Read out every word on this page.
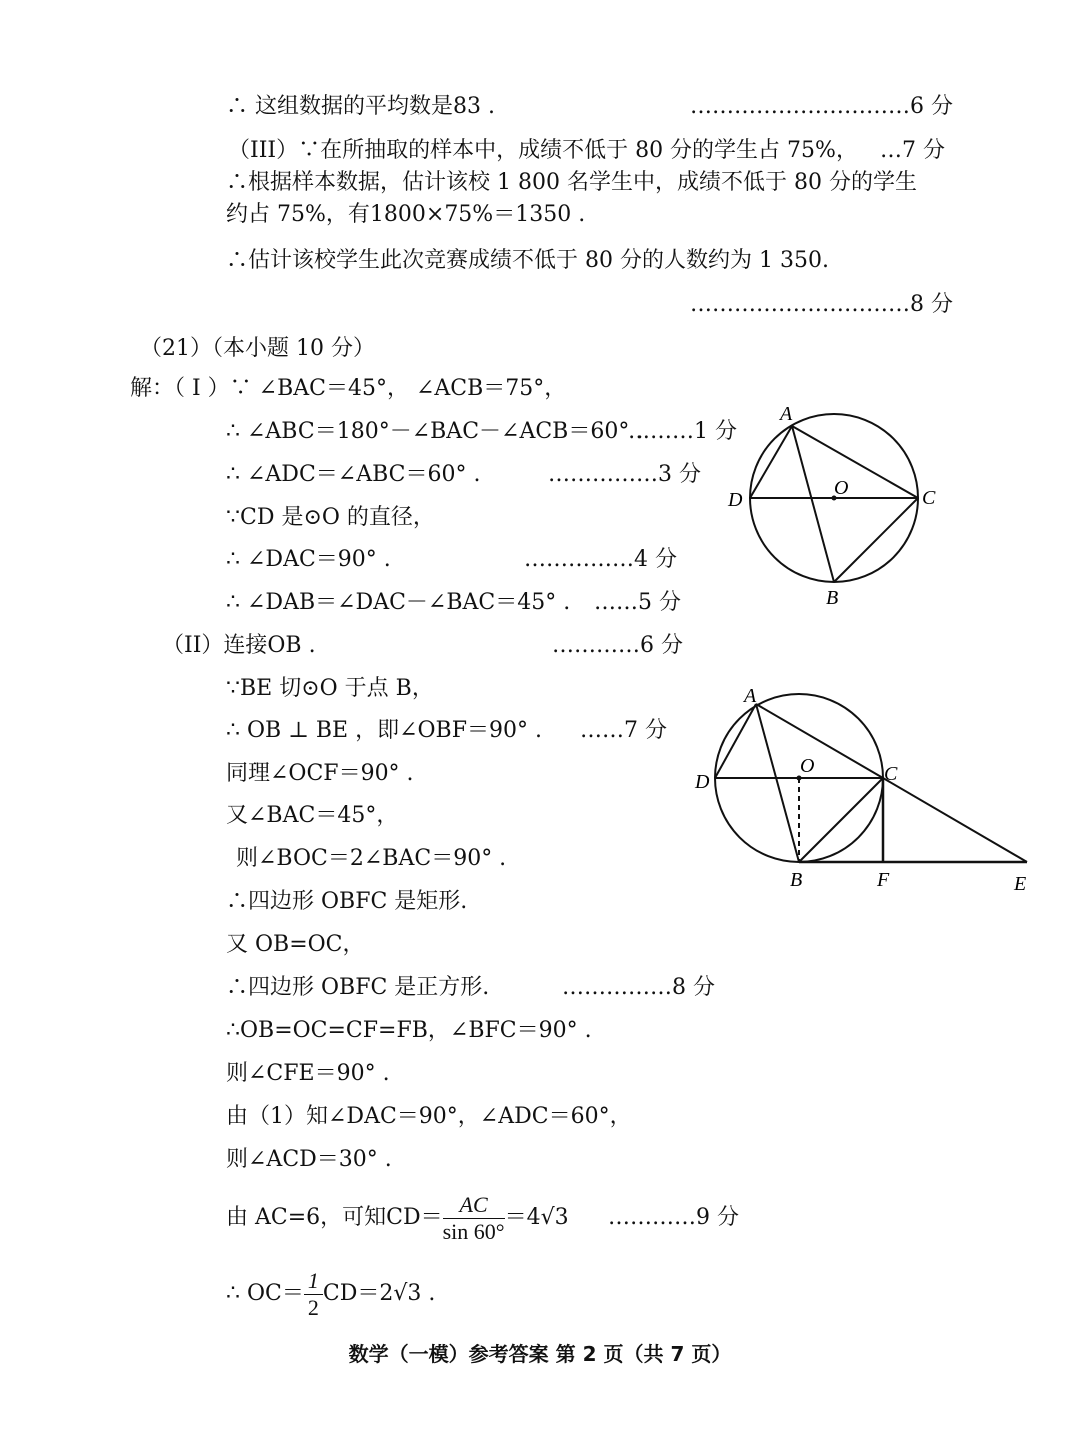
∴ 这组数据的平均数是83 .	…………………………6 分
（III）∵在所抽取的样本中，成绩不低于 80 分的学生占 75%， …7 分
∴根据样本数据，估计该校 1 800 名学生中，成绩不低于 80 分的学生
约占 75%，有1800×75%＝1350 .
∴估计该校学生此次竞赛成绩不低于 80 分的人数约为 1 350.
…………………………8 分
（21）（本小题 10 分）
解：（ I ）∵ ∠BAC＝45°， ∠ACB＝75°，
∴ ∠ABC＝180°－∠BAC－∠ACB＝60° .
………1 分
∴ ∠ADC＝∠ABC＝60° .	……………3 分
∵CD 是⊙O 的直径，
∴ ∠DAC＝90° .	……………4 分
∴ ∠DAB＝∠DAC－∠BAC＝45° . ……5 分
（II）连接OB .	…………6 分
∵BE 切⊙O 于点 B，
∴ OB ⊥ BE ，即∠OBF＝90° . ……7 分
同理∠OCF＝90° .
又∠BAC＝45°，
则∠BOC＝2∠BAC＝90° .
∴四边形 OBFC 是矩形.
又 OB=OC，
∴四边形 OBFC 是正方形.	……………8 分
∴OB=OC=CF=FB，∠BFC＝90° .
则∠CFE＝90° .
由（1）知∠DAC＝90°，∠ADC＝60°，
则∠ACD＝30° .
由 AC=6，可知$CD= \frac{AC}{\sin 60^\circ} =4√3$ …………9 分
∴ $OC= \frac{1}{2} CD=2√3$ .
A
D
O	C
B
A
D
O	C
B	F	E
数学（一模）参考答案 第 2 页（共 7 页）
